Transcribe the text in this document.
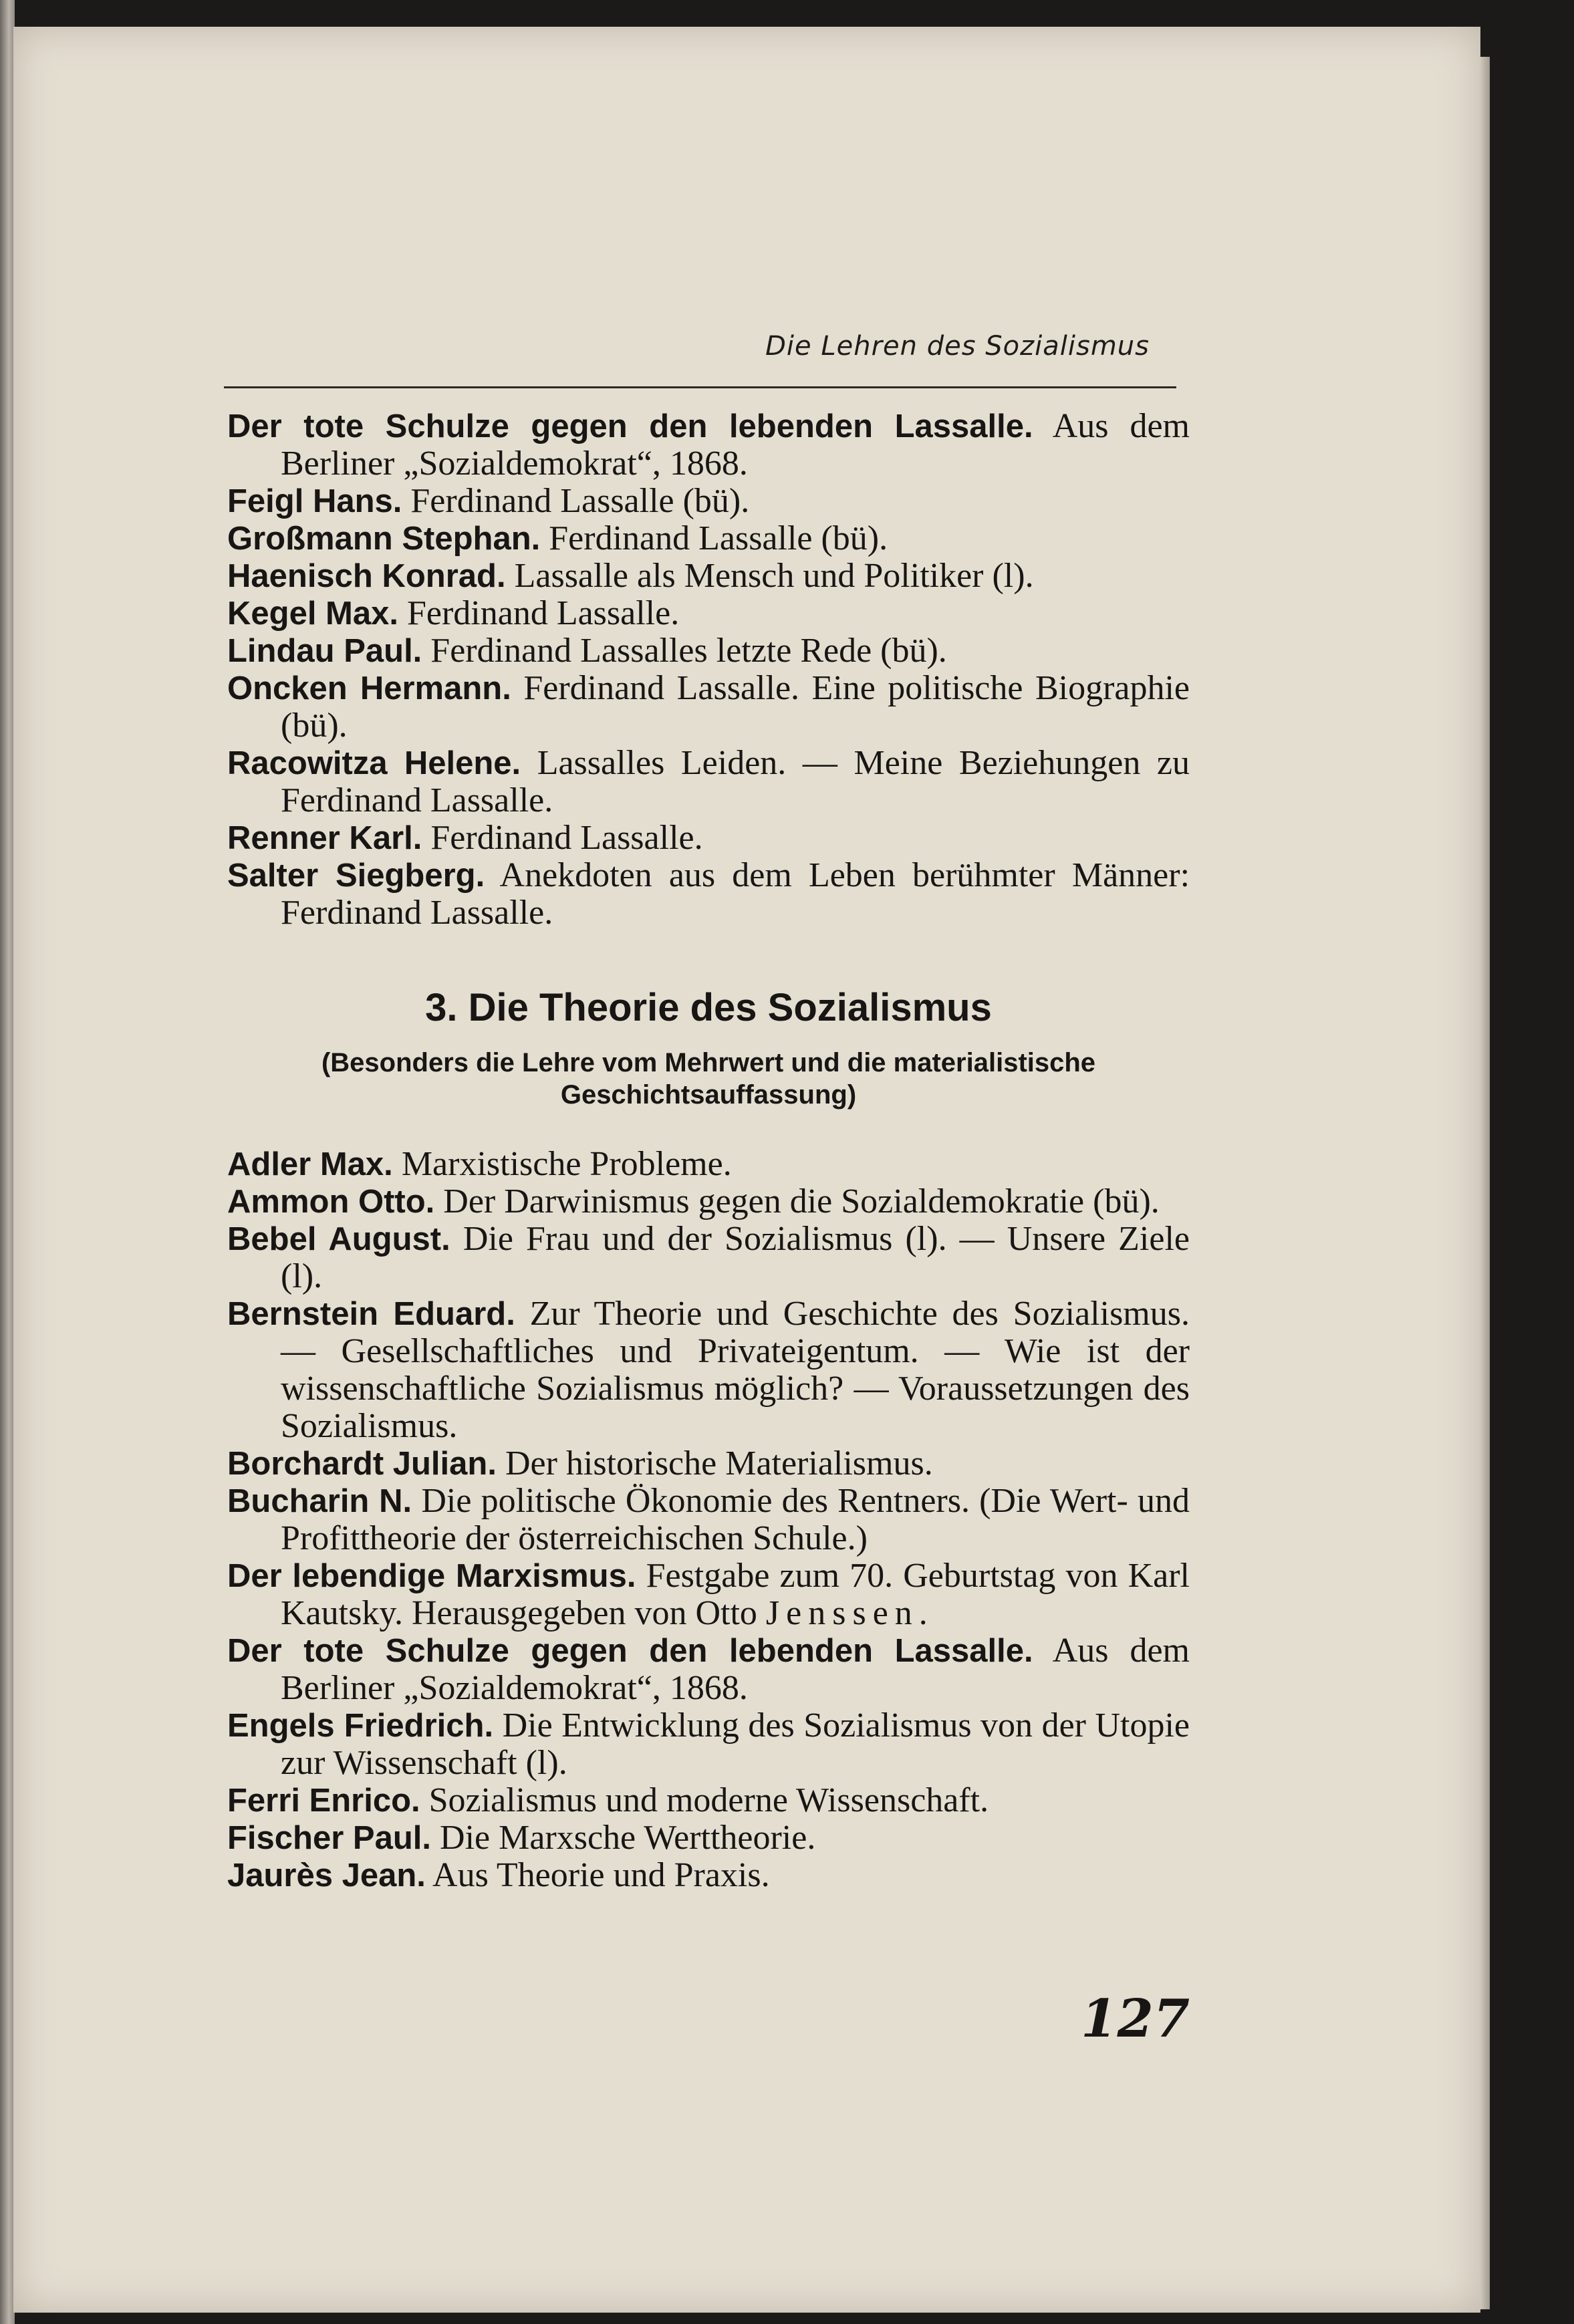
Die Lehren des Sozialismus
Der tote Schulze gegen den lebenden Lassalle. Aus dem Berliner „Sozialdemokrat“, 1868.
Feigl Hans. Ferdinand Lassalle (bü).
Großmann Stephan. Ferdinand Lassalle (bü).
Haenisch Konrad. Lassalle als Mensch und Politiker (l).
Kegel Max. Ferdinand Lassalle.
Lindau Paul. Ferdinand Lassalles letzte Rede (bü).
Oncken Hermann. Ferdinand Lassalle. Eine politische Biographie (bü).
Racowitza Helene. Lassalles Leiden. — Meine Beziehungen zu Ferdinand Lassalle.
Renner Karl. Ferdinand Lassalle.
Salter Siegberg. Anekdoten aus dem Leben berühmter Männer: Ferdinand Lassalle.
3. Die Theorie des Sozialismus
(Besonders die Lehre vom Mehrwert und die materialistische Geschichtsauffassung)
Adler Max. Marxistische Probleme.
Ammon Otto. Der Darwinismus gegen die Sozialdemokratie (bü).
Bebel August. Die Frau und der Sozialismus (l). — Unsere Ziele (l).
Bernstein Eduard. Zur Theorie und Geschichte des Sozialismus. — Gesellschaftliches und Privateigentum. — Wie ist der wissenschaftliche Sozialismus möglich? — Voraussetzungen des Sozialismus.
Borchardt Julian. Der historische Materialismus.
Bucharin N. Die politische Ökonomie des Rentners. (Die Wert- und Profittheorie der österreichischen Schule.)
Der lebendige Marxismus. Festgabe zum 70. Geburtstag von Karl Kautsky. Herausgegeben von Otto Jenssen.
Der tote Schulze gegen den lebenden Lassalle. Aus dem Berliner „Sozialdemokrat“, 1868.
Engels Friedrich. Die Entwicklung des Sozialismus von der Utopie zur Wissenschaft (l).
Ferri Enrico. Sozialismus und moderne Wissenschaft.
Fischer Paul. Die Marxsche Werttheorie.
Jaurès Jean. Aus Theorie und Praxis.
127
